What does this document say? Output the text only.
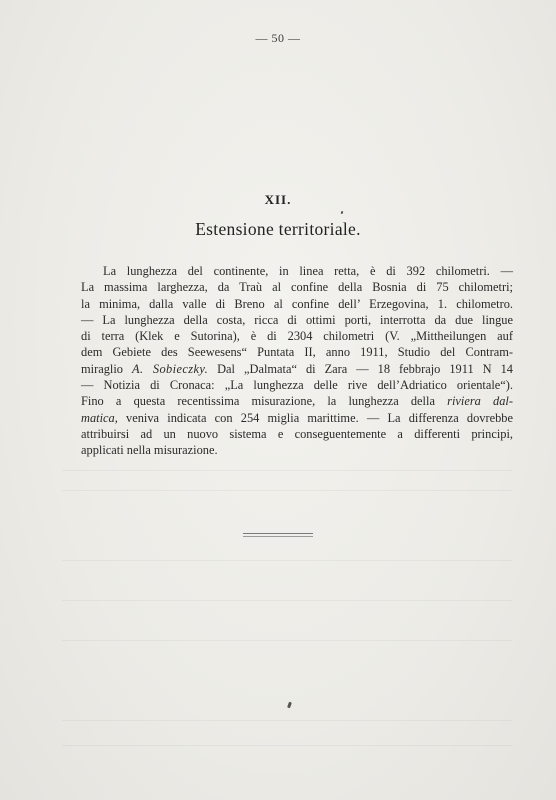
— 50 —
XII.
Estensione territoriale.
La lunghezza del continente, in linea retta, è di 392 chilometri. —
La massima larghezza, da Traù al confine della Bosnia di 75 chilometri;
la minima, dalla valle di Breno al confine dell’ Erzegovina, 1. chilometro.
— La lunghezza della costa, ricca di ottimi porti, interrotta da due lingue
di terra (Klek e Sutorina), è di 2304 chilometri (V. „Mittheilungen auf
dem Gebiete des Seewesens“ Puntata II, anno 1911, Studio del Contram-
miraglio A. Sobieczky. Dal „Dalmata“ di Zara — 18 febbrajo 1911 N 14
— Notizia di Cronaca: „La lunghezza delle rive dell’Adriatico orientale“).
Fino a questa recentissima misurazione, la lunghezza della riviera dal-
matica, veniva indicata con 254 miglia marittime. — La differenza dovrebbe
attribuirsi ad un nuovo sistema e conseguentemente a differenti principi,
applicati nella misurazione.
